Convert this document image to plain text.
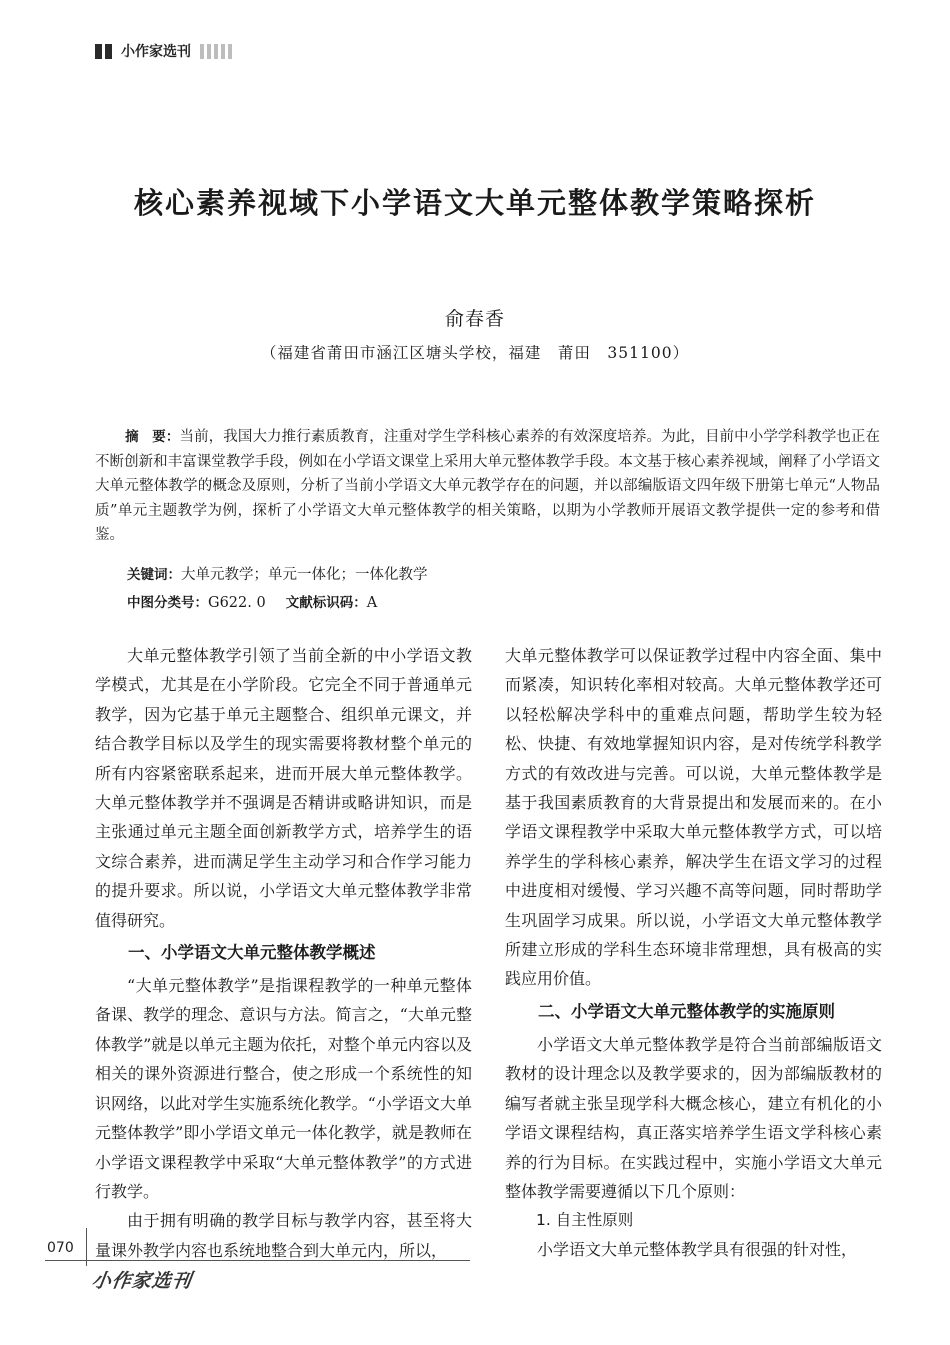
小作家选刊
核心素养视域下小学语文大单元整体教学策略探析
俞春香
（福建省莆田市涵江区塘头学校，福建　莆田　351100）
摘　要：当前，我国大力推行素质教育，注重对学生学科核心素养的有效深度培养。为此，目前中小学学科教学也正在不断创新和丰富课堂教学手段，例如在小学语文课堂上采用大单元整体教学手段。本文基于核心素养视域，阐释了小学语文大单元整体教学的概念及原则，分析了当前小学语文大单元教学存在的问题，并以部编版语文四年级下册第七单元“人物品质”单元主题教学为例，探析了小学语文大单元整体教学的相关策略，以期为小学教师开展语文教学提供一定的参考和借鉴。
关键词：大单元教学；单元一体化；一体化教学
中图分类号：G622. 0 文献标识码：A

大单元整体教学引领了当前全新的中小学语文教学模式，尤其是在小学阶段。它完全不同于普通单元教学，因为它基于单元主题整合、组织单元课文，并结合教学目标以及学生的现实需要将教材整个单元的所有内容紧密联系起来，进而开展大单元整体教学。大单元整体教学并不强调是否精讲或略讲知识，而是主张通过单元主题全面创新教学方式，培养学生的语文综合素养，进而满足学生主动学习和合作学习能力的提升要求。所以说，小学语文大单元整体教学非常值得研究。

一、小学语文大单元整体教学概述

“大单元整体教学”是指课程教学的一种单元整体备课、教学的理念、意识与方法。简言之，“大单元整体教学”就是以单元主题为依托，对整个单元内容以及相关的课外资源进行整合，使之形成一个系统性的知识网络，以此对学生实施系统化教学。“小学语文大单元整体教学”即小学语文单元一体化教学，就是教师在小学语文课程教学中采取“大单元整体教学”的方式进行教学。

由于拥有明确的教学目标与教学内容，甚至将大量课外教学内容也系统地整合到大单元内，所以，

大单元整体教学可以保证教学过程中内容全面、集中而紧凑，知识转化率相对较高。大单元整体教学还可以轻松解决学科中的重难点问题，帮助学生较为轻松、快捷、有效地掌握知识内容，是对传统学科教学方式的有效改进与完善。可以说，大单元整体教学是基于我国素质教育的大背景提出和发展而来的。在小学语文课程教学中采取大单元整体教学方式，可以培养学生的学科核心素养，解决学生在语文学习的过程中进度相对缓慢、学习兴趣不高等问题，同时帮助学生巩固学习成果。所以说，小学语文大单元整体教学所建立形成的学科生态环境非常理想，具有极高的实践应用价值。

二、小学语文大单元整体教学的实施原则

小学语文大单元整体教学是符合当前部编版语文教材的设计理念以及教学要求的，因为部编版教材的编写者就主张呈现学科大概念核心，建立有机化的小学语文课程结构，真正落实培养学生语文学科核心素养的行为目标。在实践过程中，实施小学语文大单元整体教学需要遵循以下几个原则：

1. 自主性原则

小学语文大单元整体教学具有很强的针对性，

070
小作家选刊
